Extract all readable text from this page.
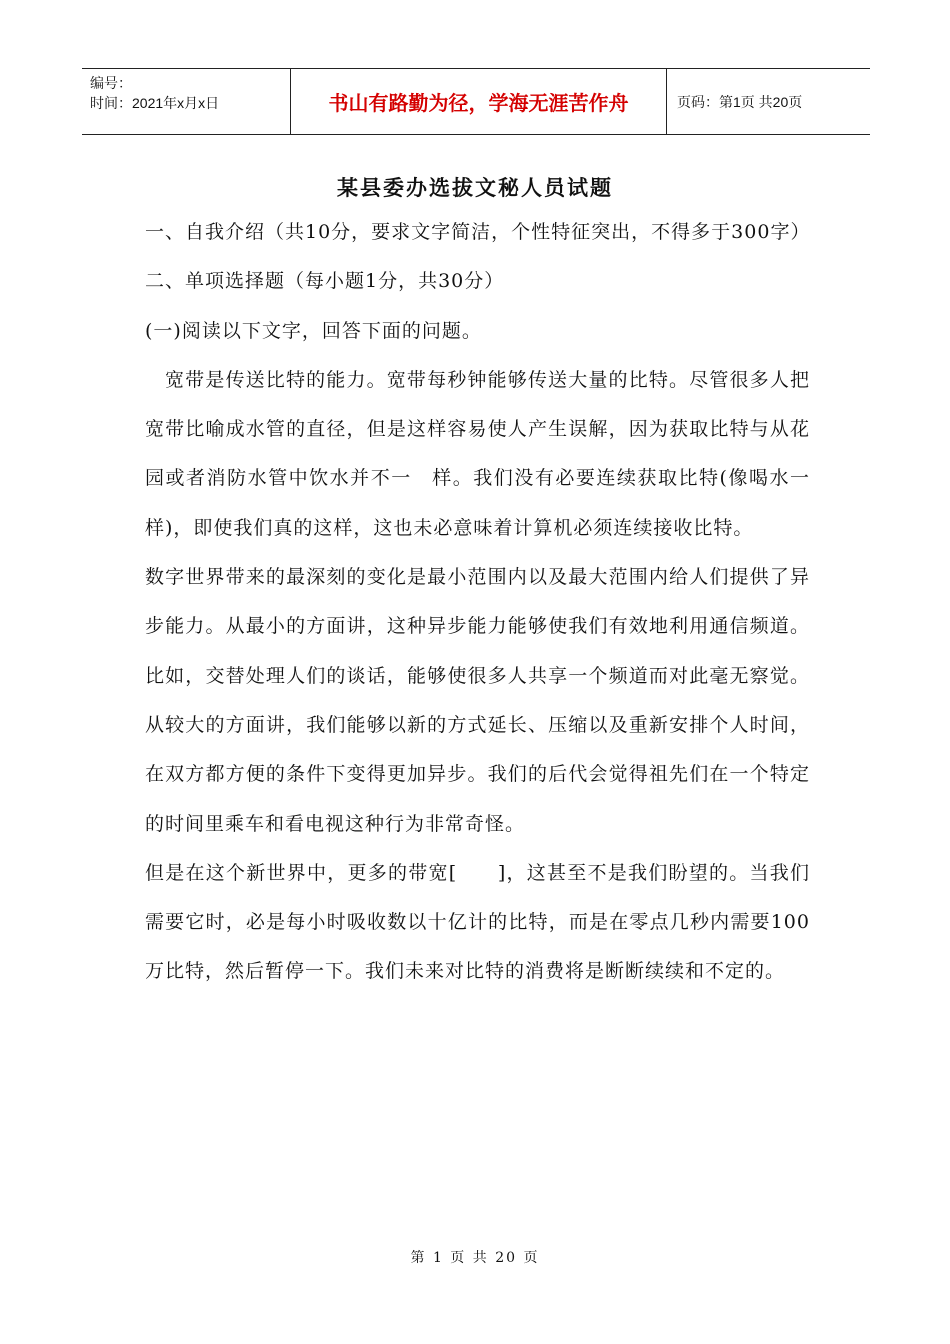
编号：
时间：2021年x月x日	书山有路勤为径，学海无涯苦作舟	页码：第1页 共20页
某县委办选拔文秘人员试题

一、自我介绍（共10分，要求文字简洁，个性特征突出，不得多于300字）

二、单项选择题（每小题1分，共30分）

(一)阅读以下文字，回答下面的问题。

宽带是传送比特的能力。宽带每秒钟能够传送大量的比特。尽管很多人把宽带比喻成水管的直径，但是这样容易使人产生误解，因为获取比特与从花园或者消防水管中饮水并不一　样。我们没有必要连续获取比特(像喝水一样)，即使我们真的这样，这也未必意味着计算机必须连续接收比特。

数字世界带来的最深刻的变化是最小范围内以及最大范围内给人们提供了异步能力。从最小的方面讲，这种异步能力能够使我们有效地利用通信频道。比如，交替处理人们的谈话，能够使很多人共享一个频道而对此毫无察觉。从较大的方面讲，我们能够以新的方式延长、压缩以及重新安排个人时间，在双方都方便的条件下变得更加异步。我们的后代会觉得祖先们在一个特定的时间里乘车和看电视这种行为非常奇怪。

但是在这个新世界中，更多的带宽[　　]，这甚至不是我们盼望的。当我们需要它时，必是每小时吸收数以十亿计的比特，而是在零点几秒内需要100万比特，然后暂停一下。我们未来对比特的消费将是断断续续和不定的。

第 1 页 共 20 页
